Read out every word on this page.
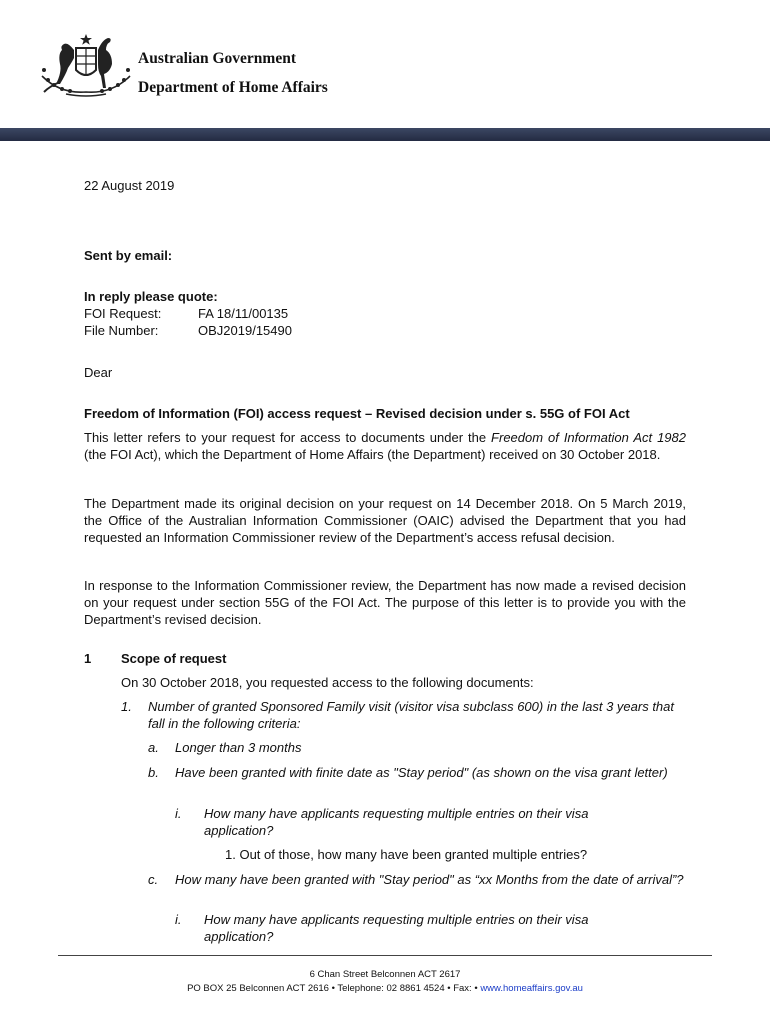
Australian Government
Department of Home Affairs
22 August 2019
Sent by email:
In reply please quote:
FOI Request:	FA 18/11/00135
File Number:	OBJ2019/15490
Dear
Freedom of Information (FOI) access request – Revised decision under s. 55G of FOI Act
This letter refers to your request for access to documents under the Freedom of Information Act 1982 (the FOI Act), which the Department of Home Affairs (the Department) received on 30 October 2018.
The Department made its original decision on your request on 14 December 2018. On 5 March 2019, the Office of the Australian Information Commissioner (OAIC) advised the Department that you had requested an Information Commissioner review of the Department’s access refusal decision.
In response to the Information Commissioner review, the Department has now made a revised decision on your request under section 55G of the FOI Act. The purpose of this letter is to provide you with the Department’s revised decision.
1 Scope of request
On 30 October 2018, you requested access to the following documents:
1. Number of granted Sponsored Family visit (visitor visa subclass 600) in the last 3 years that fall in the following criteria:
a. Longer than 3 months
b. Have been granted with finite date as "Stay period" (as shown on the visa grant letter)
i. How many have applicants requesting multiple entries on their visa application?
1. Out of those, how many have been granted multiple entries?
c. How many have been granted with "Stay period" as “xx Months from the date of arrival”?
i. How many have applicants requesting multiple entries on their visa application?
6 Chan Street Belconnen ACT 2617
PO BOX 25 Belconnen ACT 2616 • Telephone: 02 8861 4524 • Fax: • www.homeaffairs.gov.au
